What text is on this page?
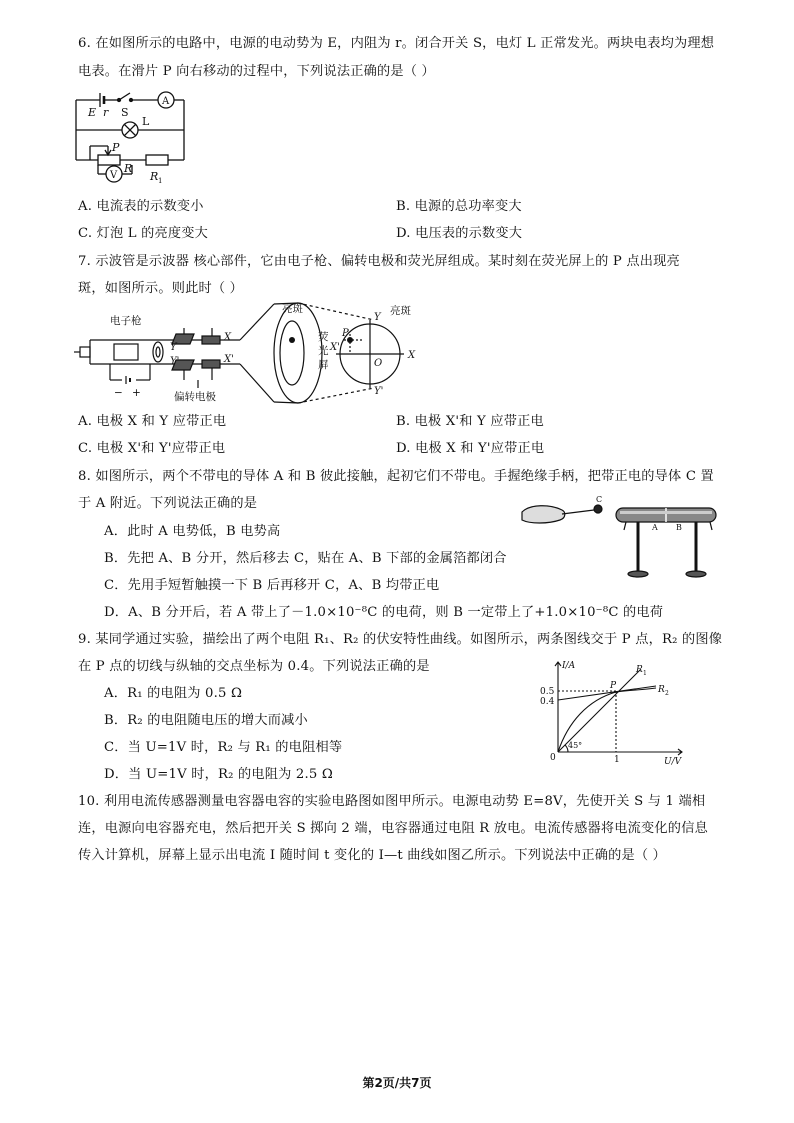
6. 在如图所示的电路中，电源的电动势为 E，内阻为 r。闭合开关 S，电灯 L 正常发光。两块电表均为理想
电表。在滑片 P 向右移动的过程中，下列说法正确的是（ ）
E r S
A
L
P
R
R 1
V
A. 电流表的示数变小	B. 电源的总功率变大
C. 灯泡 L 的亮度变大	D. 电压表的示数变大
7. 示波管是示波器 核心部件，它由电子枪、偏转电极和荧光屏组成。某时刻在荧光屏上的 P 点出现亮
斑，如图所示。则此时（ ）
电子枪
偏转电极
亮斑	亮斑
荧
光
屏
− +
X
X'
Y
Y'
Y
Y'
X
X'
O
P
A. 电极 X 和 Y 应带正电	B. 电极 X'和 Y 应带正电
C. 电极 X'和 Y'应带正电	D. 电极 X 和 Y'应带正电
8. 如图所示，两个不带电的导体 A 和 B 彼此接触，起初它们不带电。手握绝缘手柄，把带正电的导体 C 置
于 A 附近。下列说法正确的是	C
A B
A．此时 A 电势低，B 电势高
B．先把 A、B 分开，然后移去 C，贴在 A、B 下部的金属箔都闭合
C．先用手短暂触摸一下 B 后再移开 C，A、B 均带正电
D．A、B 分开后，若 A 带上了－1.0×10⁻⁸C 的电荷，则 B 一定带上了+1.0×10⁻⁸C 的电荷
9. 某同学通过实验，描绘出了两个电阻 R₁、R₂ 的伏安特性曲线。如图所示，两条图线交于 P 点，R₂ 的图像
在 P 点的切线与纵轴的交点坐标为 0.4。下列说法正确的是	I/A
U/V
0.5
0.4
1
0
45°
P
R 1
R 2
A．R₁ 的电阻为 0.5 Ω
B．R₂ 的电阻随电压的增大而减小
C．当 U=1V 时，R₂ 与 R₁ 的电阻相等
D．当 U=1V 时，R₂ 的电阻为 2.5 Ω
10. 利用电流传感器测量电容器电容的实验电路图如图甲所示。电源电动势 E=8V，先使开关 S 与 1 端相
连，电源向电容器充电，然后把开关 S 掷向 2 端，电容器通过电阻 R 放电。电流传感器将电流变化的信息
传入计算机，屏幕上显示出电流 I 随时间 t 变化的 I—t 曲线如图乙所示。下列说法中正确的是（ ）
第2页/共7页
